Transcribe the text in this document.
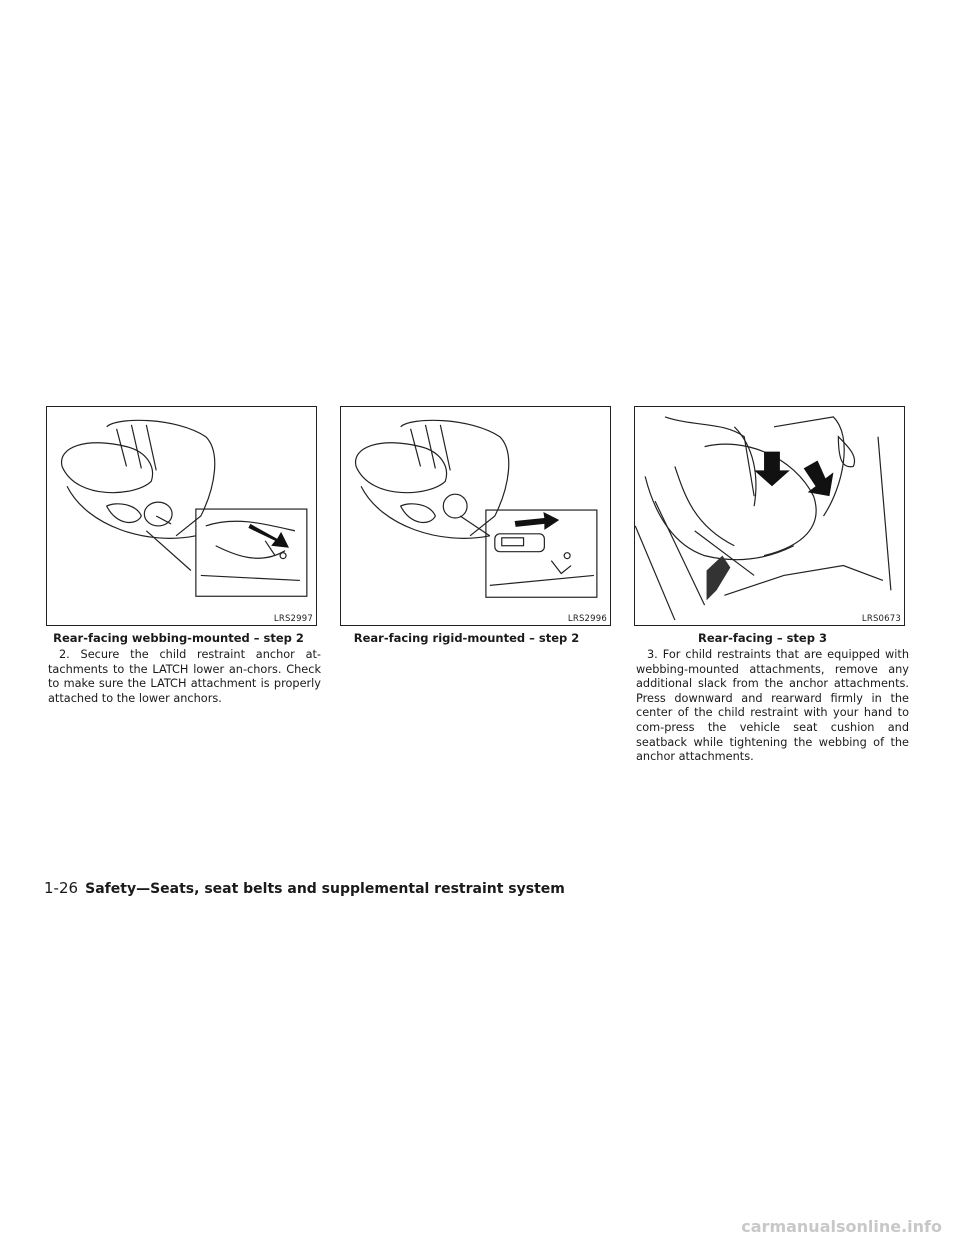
LRS2997
Rear-facing webbing-mounted – step 2
LRS2996
Rear-facing rigid-mounted – step 2
LRS0673
Rear-facing – step 3
2. Secure the child restraint anchor at-tachments to the LATCH lower an-chors. Check to make sure the LATCH attachment is properly attached to the lower anchors.
3. For child restraints that are equipped with webbing-mounted attachments, remove any additional slack from the anchor attachments. Press downward and rearward firmly in the center of the child restraint with your hand to com-press the vehicle seat cushion and seatback while tightening the webbing of the anchor attachments.
1-26 Safety—Seats, seat belts and supplemental restraint system
carmanualsonline.info
